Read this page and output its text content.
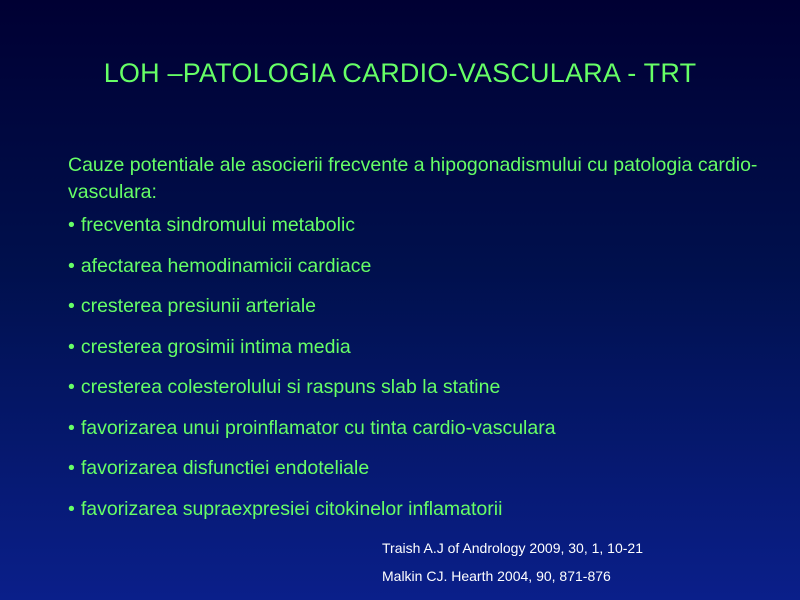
LOH –PATOLOGIA CARDIO-VASCULARA - TRT
Cauze potentiale ale asocierii frecvente a hipogonadismului cu patologia cardio-vasculara:
• frecventa sindromului metabolic
• afectarea hemodinamicii cardiace
• cresterea presiunii arteriale
• cresterea grosimii intima media
• cresterea colesterolului si raspuns slab la statine
• favorizarea unui proinflamator cu tinta cardio-vasculara
• favorizarea disfunctiei endoteliale
• favorizarea supraexpresiei citokinelor inflamatorii
Traish A.J of Andrology 2009, 30, 1, 10-21
Malkin CJ. Hearth 2004, 90, 871-876
